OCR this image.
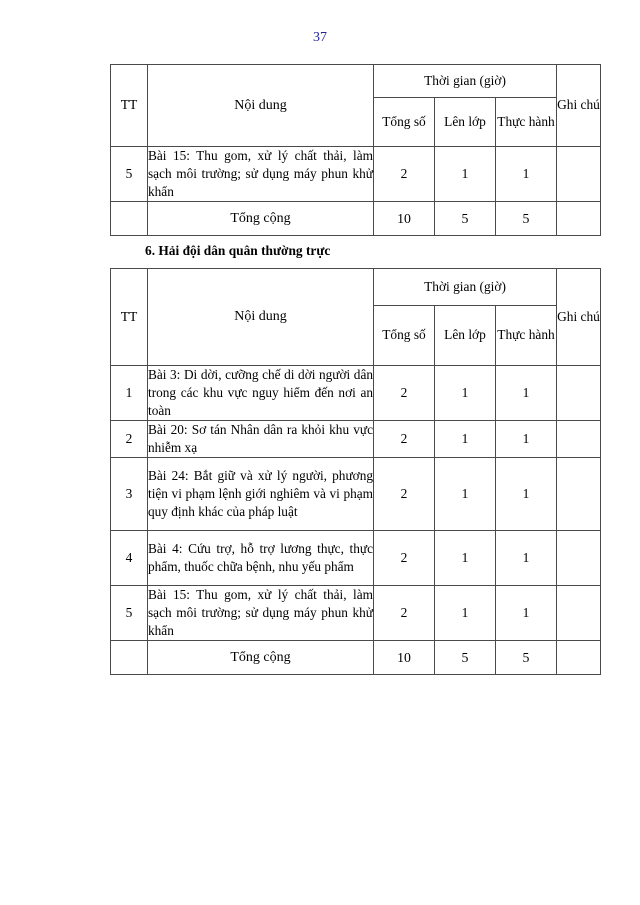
37
TT	Nội dung	Thời gian (giờ)			Ghi chú
		Tổng số	Lên lớp	Thực hành	
5	Bài 15: Thu gom, xử lý chất thải, làm sạch môi trường; sử dụng máy phun khử khẩn	2	1	1	
	Tổng cộng	10	5	5	
6. Hải đội dân quân thường trực
TT	Nội dung	Thời gian (giờ)			Ghi chú
		Tổng số	Lên lớp	Thực hành	
1	Bài 3: Di dời, cưỡng chế di dời người dân trong các khu vực nguy hiểm đến nơi an toàn	2	1	1	
2	Bài 20: Sơ tán Nhân dân ra khỏi khu vực nhiễm xạ	2	1	1	
3	Bài 24: Bắt giữ và xử lý người, phương tiện vi phạm lệnh giới nghiêm và vi phạm quy định khác của pháp luật	2	1	1	
4	Bài 4: Cứu trợ, hỗ trợ lương thực, thực phẩm, thuốc chữa bệnh, nhu yếu phẩm	2	1	1	
5	Bài 15: Thu gom, xử lý chất thải, làm sạch môi trường; sử dụng máy phun khử khẩn	2	1	1	
	Tổng cộng	10	5	5	
